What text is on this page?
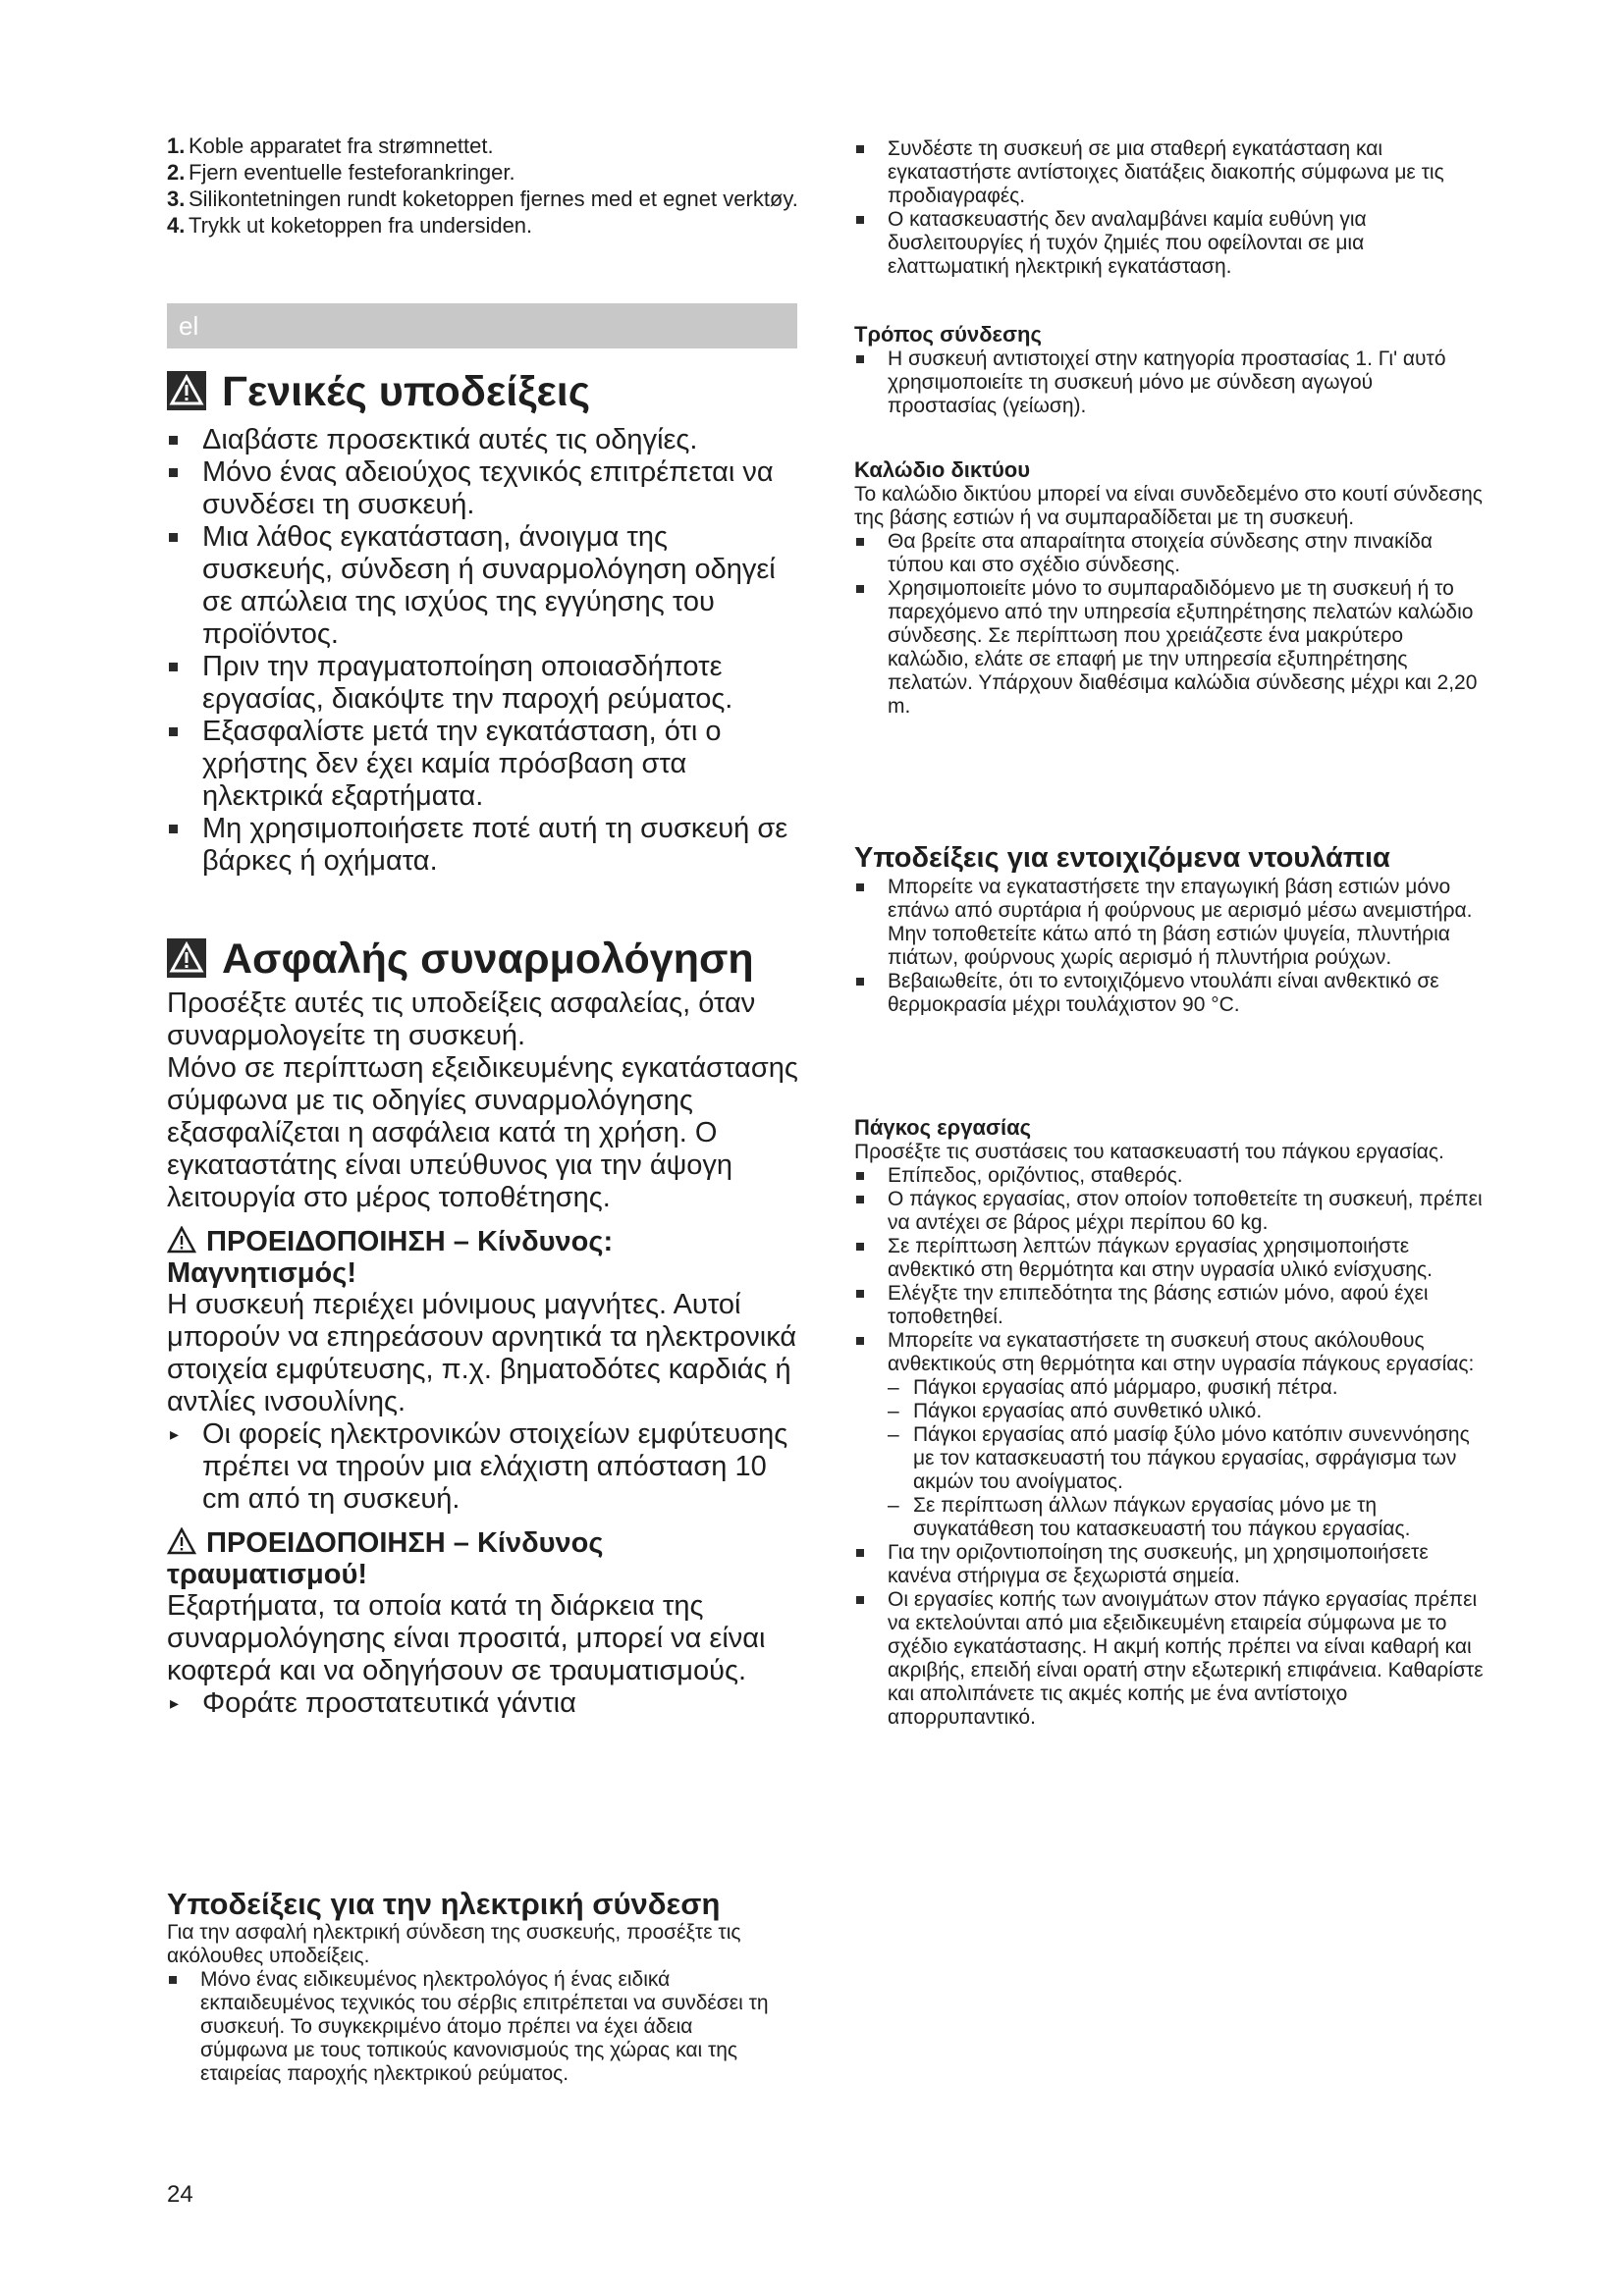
1. Koble apparatet fra strømnettet.
2. Fjern eventuelle festeforankringer.
3. Silikontetningen rundt koketoppen fjernes med et egnet verktøy.
4. Trykk ut koketoppen fra undersiden.
el
Γενικές υποδείξεις

Διαβάστε προσεκτικά αυτές τις οδηγίες.

Μόνο ένας αδειούχος τεχνικός επιτρέπεται να συνδέσει τη συσκευή.

Μια λάθος εγκατάσταση, άνοιγμα της συσκευής, σύνδεση ή συναρμολόγηση οδηγεί σε απώλεια της ισχύος της εγγύησης του προϊόντος.

Πριν την πραγματοποίηση οποιασδήποτε εργασίας, διακόψτε την παροχή ρεύματος.

Εξασφαλίστε μετά την εγκατάσταση, ότι ο χρήστης δεν έχει καμία πρόσβαση στα ηλεκτρικά εξαρτήματα.

Μη χρησιμοποιήσετε ποτέ αυτή τη συσκευή σε βάρκες ή οχήματα.

Ασφαλής συναρμολόγηση

Προσέξτε αυτές τις υποδείξεις ασφαλείας, όταν συναρμολογείτε τη συσκευή.

Μόνο σε περίπτωση εξειδικευμένης εγκατάστασης σύμφωνα με τις οδηγίες συναρμολόγησης εξασφαλίζεται η ασφάλεια κατά τη χρήση. Ο εγκαταστάτης είναι υπεύθυνος για την άψογη λειτουργία στο μέρος τοποθέτησης.

ΠΡΟΕΙΔΟΠΟΙΗΣΗ – Κίνδυνος: Μαγνητισμός!

Η συσκευή περιέχει μόνιμους μαγνήτες. Αυτοί μπορούν να επηρεάσουν αρνητικά τα ηλεκτρονικά στοιχεία εμφύτευσης, π.χ. βηματοδότες καρδιάς ή αντλίες ινσουλίνης.

▸ Οι φορείς ηλεκτρονικών στοιχείων εμφύτευσης πρέπει να τηρούν μια ελάχιστη απόσταση 10 cm από τη συσκευή.

ΠΡΟΕΙΔΟΠΟΙΗΣΗ – Κίνδυνος τραυματισμού!

Εξαρτήματα, τα οποία κατά τη διάρκεια της συναρμολόγησης είναι προσιτά, μπορεί να είναι κοφτερά και να οδηγήσουν σε τραυματισμούς.

▸ Φοράτε προστατευτικά γάντια

Υποδείξεις για την ηλεκτρική σύνδεση

Για την ασφαλή ηλεκτρική σύνδεση της συσκευής, προσέξτε τις ακόλουθες υποδείξεις.

Μόνο ένας ειδικευμένος ηλεκτρολόγος ή ένας ειδικά εκπαιδευμένος τεχνικός του σέρβις επιτρέπεται να συνδέσει τη συσκευή. Το συγκεκριμένο άτομο πρέπει να έχει άδεια σύμφωνα με τους τοπικούς κανονισμούς της χώρας και της εταιρείας παροχής ηλεκτρικού ρεύματος.

24

Συνδέστε τη συσκευή σε μια σταθερή εγκατάσταση και εγκαταστήστε αντίστοιχες διατάξεις διακοπής σύμφωνα με τις προδιαγραφές.

Ο κατασκευαστής δεν αναλαμβάνει καμία ευθύνη για δυσλειτουργίες ή τυχόν ζημιές που οφείλονται σε μια ελαττωματική ηλεκτρική εγκατάσταση.

Τρόπος σύνδεσης

Η συσκευή αντιστοιχεί στην κατηγορία προστασίας 1. Γι' αυτό χρησιμοποιείτε τη συσκευή μόνο με σύνδεση αγωγού προστασίας (γείωση).

Καλώδιο δικτύου

Το καλώδιο δικτύου μπορεί να είναι συνδεδεμένο στο κουτί σύνδεσης της βάσης εστιών ή να συμπαραδίδεται με τη συσκευή.

Θα βρείτε στα απαραίτητα στοιχεία σύνδεσης στην πινακίδα τύπου και στο σχέδιο σύνδεσης.

Χρησιμοποιείτε μόνο το συμπαραδιδόμενο με τη συσκευή ή το παρεχόμενο από την υπηρεσία εξυπηρέτησης πελατών καλώδιο σύνδεσης. Σε περίπτωση που χρειάζεστε ένα μακρύτερο καλώδιο, ελάτε σε επαφή με την υπηρεσία εξυπηρέτησης πελατών. Υπάρχουν διαθέσιμα καλώδια σύνδεσης μέχρι και 2,20 m.

Υποδείξεις για εντοιχιζόμενα ντουλάπια

Μπορείτε να εγκαταστήσετε την επαγωγική βάση εστιών μόνο επάνω από συρτάρια ή φούρνους με αερισμό μέσω ανεμιστήρα. Μην τοποθετείτε κάτω από τη βάση εστιών ψυγεία, πλυντήρια πιάτων, φούρνους χωρίς αερισμό ή πλυντήρια ρούχων.

Βεβαιωθείτε, ότι το εντοιχιζόμενο ντουλάπι είναι ανθεκτικό σε θερμοκρασία μέχρι τουλάχιστον 90 °C.

Πάγκος εργασίας

Προσέξτε τις συστάσεις του κατασκευαστή του πάγκου εργασίας.

Επίπεδος, οριζόντιος, σταθερός.

Ο πάγκος εργασίας, στον οποίον τοποθετείτε τη συσκευή, πρέπει να αντέχει σε βάρος μέχρι περίπου 60 kg.

Σε περίπτωση λεπτών πάγκων εργασίας χρησιμοποιήστε ανθεκτικό στη θερμότητα και στην υγρασία υλικό ενίσχυσης.

Ελέγξτε την επιπεδότητα της βάσης εστιών μόνο, αφού έχει τοποθετηθεί.

Μπορείτε να εγκαταστήσετε τη συσκευή στους ακόλουθους ανθεκτικούς στη θερμότητα και στην υγρασία πάγκους εργασίας:

– Πάγκοι εργασίας από μάρμαρο, φυσική πέτρα.

– Πάγκοι εργασίας από συνθετικό υλικό.

– Πάγκοι εργασίας από μασίφ ξύλο μόνο κατόπιν συνεννόησης με τον κατασκευαστή του πάγκου εργασίας, σφράγισμα των ακμών του ανοίγματος.

– Σε περίπτωση άλλων πάγκων εργασίας μόνο με τη συγκατάθεση του κατασκευαστή του πάγκου εργασίας.

Για την οριζοντιοποίηση της συσκευής, μη χρησιμοποιήσετε κανένα στήριγμα σε ξεχωριστά σημεία.

Οι εργασίες κοπής των ανοιγμάτων στον πάγκο εργασίας πρέπει να εκτελούνται από μια εξειδικευμένη εταιρεία σύμφωνα με το σχέδιο εγκατάστασης. Η ακμή κοπής πρέπει να είναι καθαρή και ακριβής, επειδή είναι ορατή στην εξωτερική επιφάνεια. Καθαρίστε και απολιπάνετε τις ακμές κοπής με ένα αντίστοιχο απορρυπαντικό.
